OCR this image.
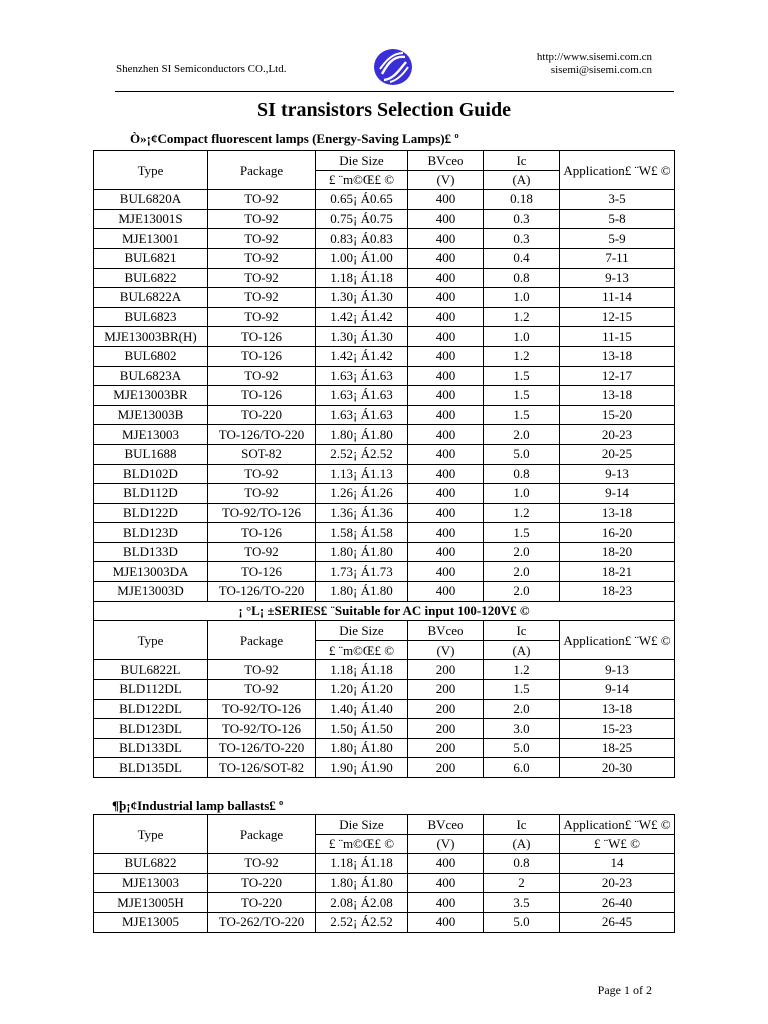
Shenzhen SI Semiconductors CO.,Ltd.
http://www.sisemi.com.cn
sisemi@sisemi.com.cn
SI transistors Selection Guide
Ò»¡¢Compact fluorescent lamps (Energy-Saving Lamps)£ º
Type	Package	Die Size	BVceo	Ic	Application£ ¨W£ ©
		£ ¨m©Œ£ ©	(V)	(A)	
BUL6820A	TO-92	0.65¡ Á0.65	400	0.18	3-5
MJE13001S	TO-92	0.75¡ Á0.75	400	0.3	5-8
MJE13001	TO-92	0.83¡ Á0.83	400	0.3	5-9
BUL6821	TO-92	1.00¡ Á1.00	400	0.4	7-11
BUL6822	TO-92	1.18¡ Á1.18	400	0.8	9-13
BUL6822A	TO-92	1.30¡ Á1.30	400	1.0	11-14
BUL6823	TO-92	1.42¡ Á1.42	400	1.2	12-15
MJE13003BR(H)	TO-126	1.30¡ Á1.30	400	1.0	11-15
BUL6802	TO-126	1.42¡ Á1.42	400	1.2	13-18
BUL6823A	TO-92	1.63¡ Á1.63	400	1.5	12-17
MJE13003BR	TO-126	1.63¡ Á1.63	400	1.5	13-18
MJE13003B	TO-220	1.63¡ Á1.63	400	1.5	15-20
MJE13003	TO-126/TO-220	1.80¡ Á1.80	400	2.0	20-23
BUL1688	SOT-82	2.52¡ Á2.52	400	5.0	20-25
BLD102D	TO-92	1.13¡ Á1.13	400	0.8	9-13
BLD112D	TO-92	1.26¡ Á1.26	400	1.0	9-14
BLD122D	TO-92/TO-126	1.36¡ Á1.36	400	1.2	13-18
BLD123D	TO-126	1.58¡ Á1.58	400	1.5	16-20
BLD133D	TO-92	1.80¡ Á1.80	400	2.0	18-20
MJE13003DA	TO-126	1.73¡ Á1.73	400	2.0	18-21
MJE13003D	TO-126/TO-220	1.80¡ Á1.80	400	2.0	18-23
¡ °L¡ ±SERIES£ ¨Suitable for AC input 100-120V£ ©					
Type	Package	Die Size	BVceo	Ic	Application£ ¨W£ ©
		£ ¨m©Œ£ ©	(V)	(A)	
BUL6822L	TO-92	1.18¡ Á1.18	200	1.2	9-13
BLD112DL	TO-92	1.20¡ Á1.20	200	1.5	9-14
BLD122DL	TO-92/TO-126	1.40¡ Á1.40	200	2.0	13-18
BLD123DL	TO-92/TO-126	1.50¡ Á1.50	200	3.0	15-23
BLD133DL	TO-126/TO-220	1.80¡ Á1.80	200	5.0	18-25
BLD135DL	TO-126/SOT-82	1.90¡ Á1.90	200	6.0	20-30
¶þ¡¢Industrial lamp ballasts£ º
Type	Package	Die Size	BVceo	Ic	Application£ ¨W£ ©
		£ ¨m©Œ£ ©	(V)	(A)	£ ¨W£ ©
BUL6822	TO-92	1.18¡ Á1.18	400	0.8	14
MJE13003	TO-220	1.80¡ Á1.80	400	2	20-23
MJE13005H	TO-220	2.08¡ Á2.08	400	3.5	26-40
MJE13005	TO-262/TO-220	2.52¡ Á2.52	400	5.0	26-45
Page 1 of 2
